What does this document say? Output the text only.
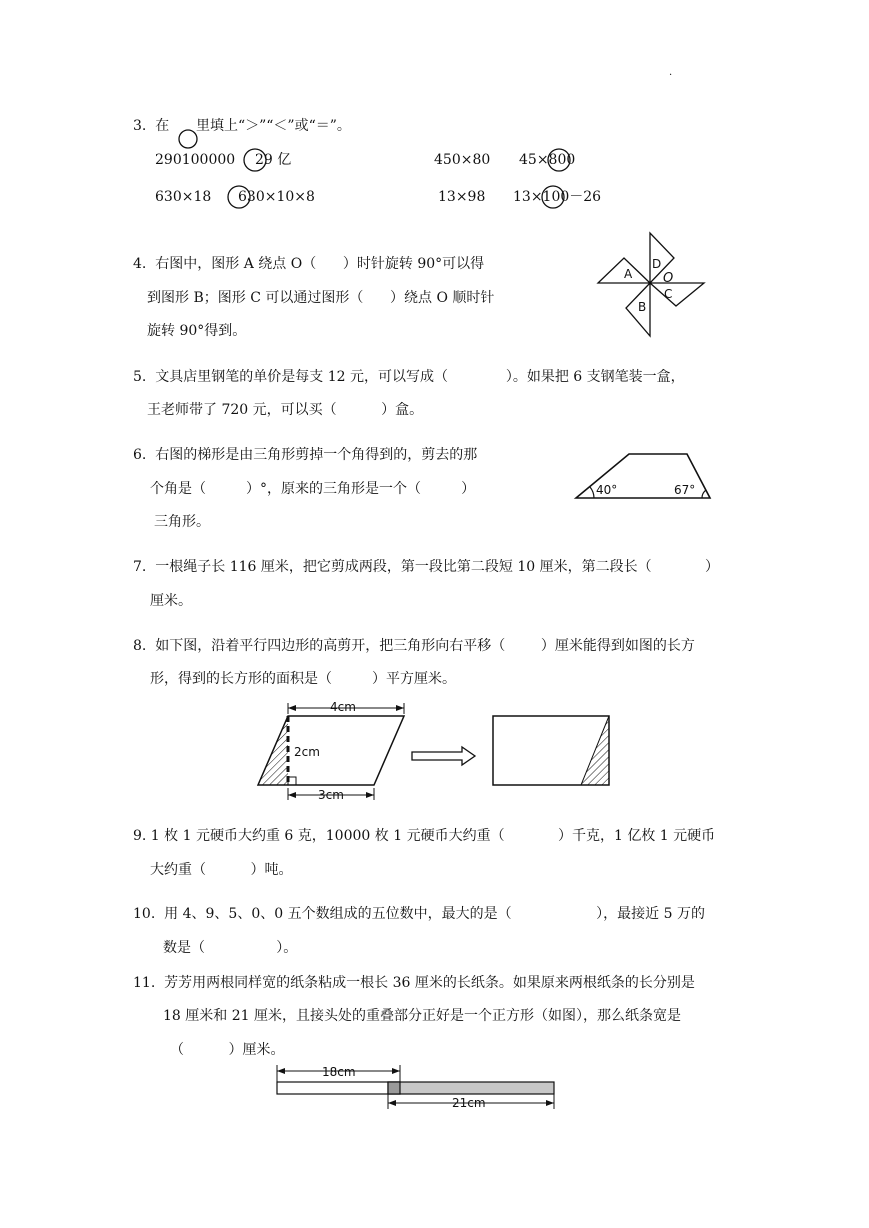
.
3.  在      里填上“＞”“＜”或“＝”。
290100000 29 亿	450×80 45×800
630×18 630×10×8	13×98 13×100－26
4.  右图中，图形 A 绕点 O（      ）时针旋转 90°可以得
到图形 B；图形 C 可以通过图形（      ）绕点 O 顺时针
旋转 90°得到。
A
D
O
C
B
5.  文具店里钢笔的单价是每支 12 元，可以写成（             ）。如果把 6 支钢笔装一盒，
王老师带了 720 元，可以买（          ）盒。
6.  右图的梯形是由三角形剪掉一个角得到的，剪去的那
个角是（         ）°，原来的三角形是一个（         ）
三角形。
40°	67°
7.  一根绳子长 116 厘米，把它剪成两段，第一段比第二段短 10 厘米，第二段长（            ）
厘米。
8.  如下图，沿着平行四边形的高剪开，把三角形向右平移（        ）厘米能得到如图的长方
形，得到的长方形的面积是（         ）平方厘米。
4cm
2cm
3cm
9. 1 枚 1 元硬币大约重 6 克，10000 枚 1 元硬币大约重（            ）千克，1 亿枚 1 元硬币
大约重（          ）吨。
10.  用 4、9、5、0、0 五个数组成的五位数中，最大的是（                   ），最接近 5 万的
数是（                ）。
11.  芳芳用两根同样宽的纸条粘成一根长 36 厘米的长纸条。如果原来两根纸条的长分别是
18 厘米和 21 厘米，且接头处的重叠部分正好是一个正方形（如图），那么纸条宽是
（          ）厘米。
18cm
21cm
